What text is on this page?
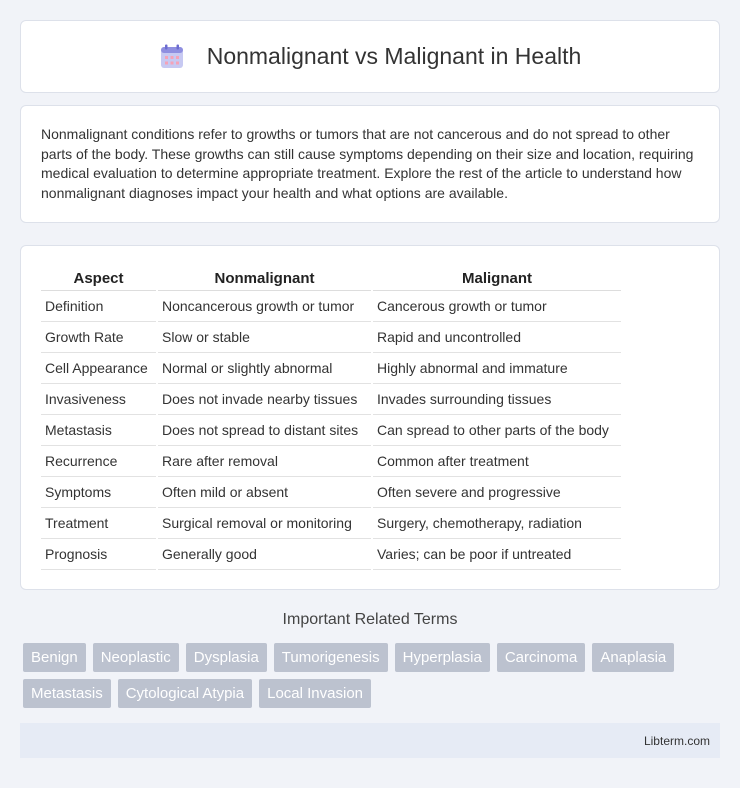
Nonmalignant vs Malignant in Health

Nonmalignant conditions refer to growths or tumors that are not cancerous and do not spread to other parts of the body. These growths can still cause symptoms depending on their size and location, requiring medical evaluation to determine appropriate treatment. Explore the rest of the article to understand how nonmalignant diagnoses impact your health and what options are available.

Aspect	Nonmalignant	Malignant
Definition	Noncancerous growth or tumor	Cancerous growth or tumor
Growth Rate	Slow or stable	Rapid and uncontrolled
Cell Appearance	Normal or slightly abnormal	Highly abnormal and immature
Invasiveness	Does not invade nearby tissues	Invades surrounding tissues
Metastasis	Does not spread to distant sites	Can spread to other parts of the body
Recurrence	Rare after removal	Common after treatment
Symptoms	Often mild or absent	Often severe and progressive
Treatment	Surgical removal or monitoring	Surgery, chemotherapy, radiation
Prognosis	Generally good	Varies; can be poor if untreated
Important Related Terms
Benign	Neoplastic	Dysplasia	Tumorigenesis	Hyperplasia	Carcinoma	Anaplasia
Metastasis	Cytological Atypia	Local Invasion
Libterm.com
